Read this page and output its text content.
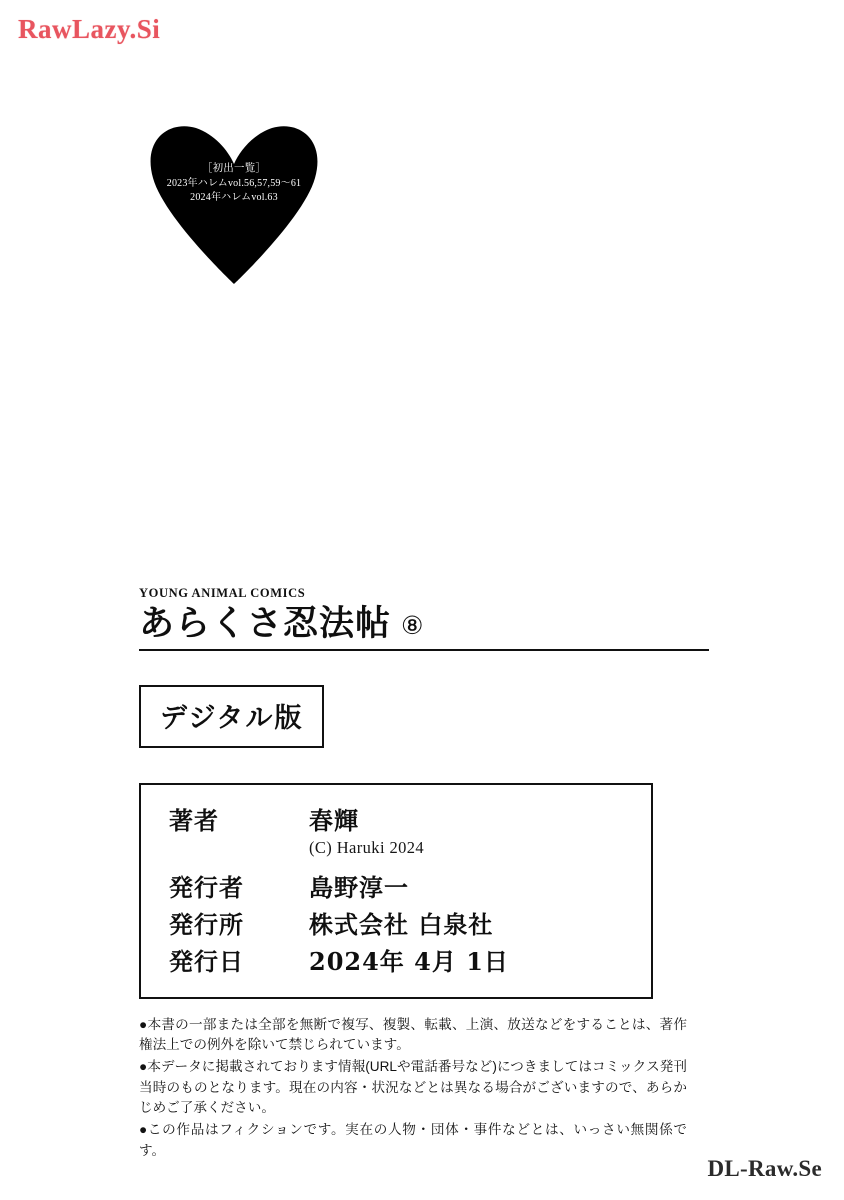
RawLazy.Si
［初出一覧］
2023年ハレムvol.56,57,59〜61
2024年ハレムvol.63
YOUNG ANIMAL COMICS
あらくさ忍法帖 ⑧
デジタル版
著者	春輝
(C) Haruki 2024
発行者	島野淳一
発行所	株式会社 白泉社
発行日	2024年 4月 1日

●本書の一部または全部を無断で複写、複製、転載、上演、放送などをすることは、著作権法上での例外を除いて禁じられています。

●本データに掲載されております情報(URLや電話番号など)につきましてはコミックス発刊当時のものとなります。現在の内容・状況などとは異なる場合がございますので、あらかじめご了承ください。

●この作品はフィクションです。実在の人物・団体・事件などとは、いっさい無関係です。

DL-Raw.Se
